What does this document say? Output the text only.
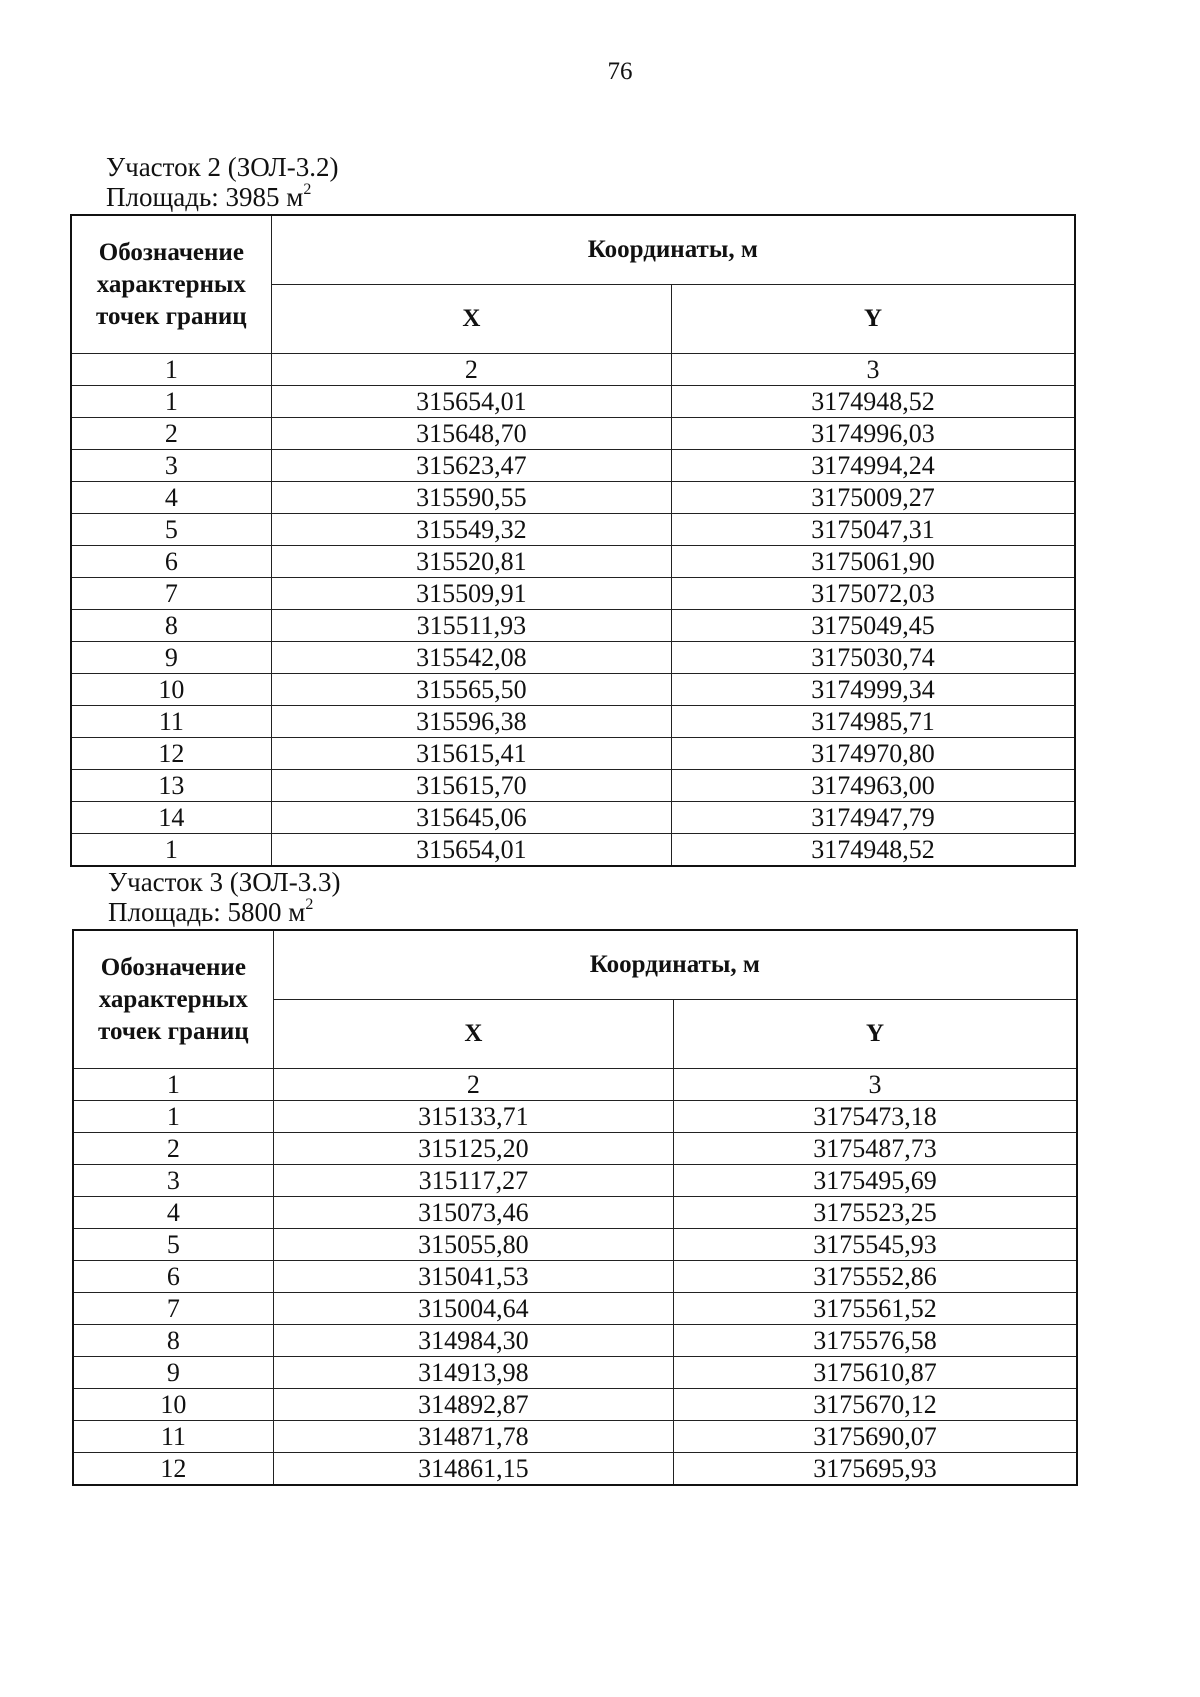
76
Участок 2 (ЗОЛ-3.2)
Площадь: 3985 $м^2$
Обозначение характерных точек границ	Координаты, м	
	X	Y
1	2	3
1	315654,01	3174948,52
2	315648,70	3174996,03
3	315623,47	3174994,24
4	315590,55	3175009,27
5	315549,32	3175047,31
6	315520,81	3175061,90
7	315509,91	3175072,03
8	315511,93	3175049,45
9	315542,08	3175030,74
10	315565,50	3174999,34
11	315596,38	3174985,71
12	315615,41	3174970,80
13	315615,70	3174963,00
14	315645,06	3174947,79
1	315654,01	3174948,52
Участок 3 (ЗОЛ-3.3)
Площадь: 5800 $м^2$
Обозначение характерных точек границ	Координаты, м	
	X	Y
1	2	3
1	315133,71	3175473,18
2	315125,20	3175487,73
3	315117,27	3175495,69
4	315073,46	3175523,25
5	315055,80	3175545,93
6	315041,53	3175552,86
7	315004,64	3175561,52
8	314984,30	3175576,58
9	314913,98	3175610,87
10	314892,87	3175670,12
11	314871,78	3175690,07
12	314861,15	3175695,93
